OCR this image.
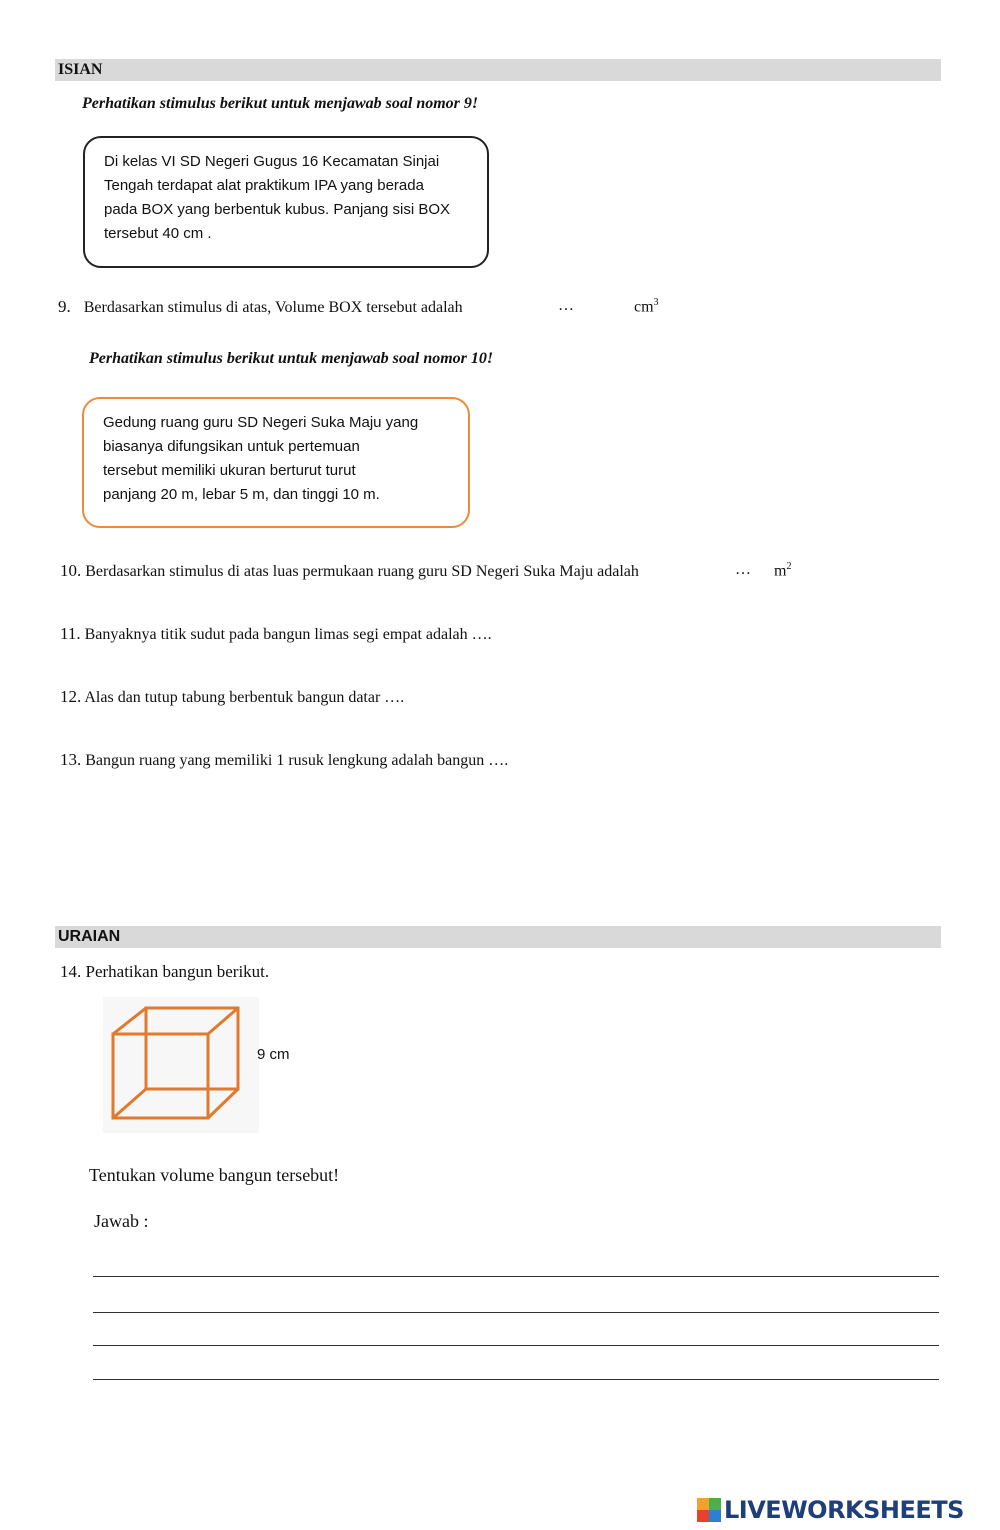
ISIAN
Perhatikan stimulus berikut untuk menjawab soal nomor 9!

Di kelas VI SD Negeri Gugus 16 Kecamatan Sinjai

Tengah terdapat alat praktikum IPA yang berada

pada BOX yang berbentuk kubus. Panjang sisi BOX

tersebut 40 cm .

9. Berdasarkan stimulus di atas, Volume BOX tersebut adalah	…	$cm^3$
Perhatikan stimulus berikut untuk menjawab soal nomor 10!

Gedung ruang guru SD Negeri Suka Maju yang

biasanya difungsikan untuk pertemuan

tersebut memiliki ukuran berturut turut

panjang 20 m, lebar 5 m, dan tinggi 10 m.

10. Berdasarkan stimulus di atas luas permukaan ruang guru SD Negeri Suka Maju adalah	… $m^2$
11. Banyaknya titik sudut pada bangun limas segi empat adalah ….
12. Alas dan tutup tabung berbentuk bangun datar ….
13. Bangun ruang yang memiliki 1 rusuk lengkung adalah bangun ….
URAIAN
14. Perhatikan bangun berikut.
9 cm
Tentukan volume bangun tersebut!
Jawab :
LIVEWORKSHEETS
